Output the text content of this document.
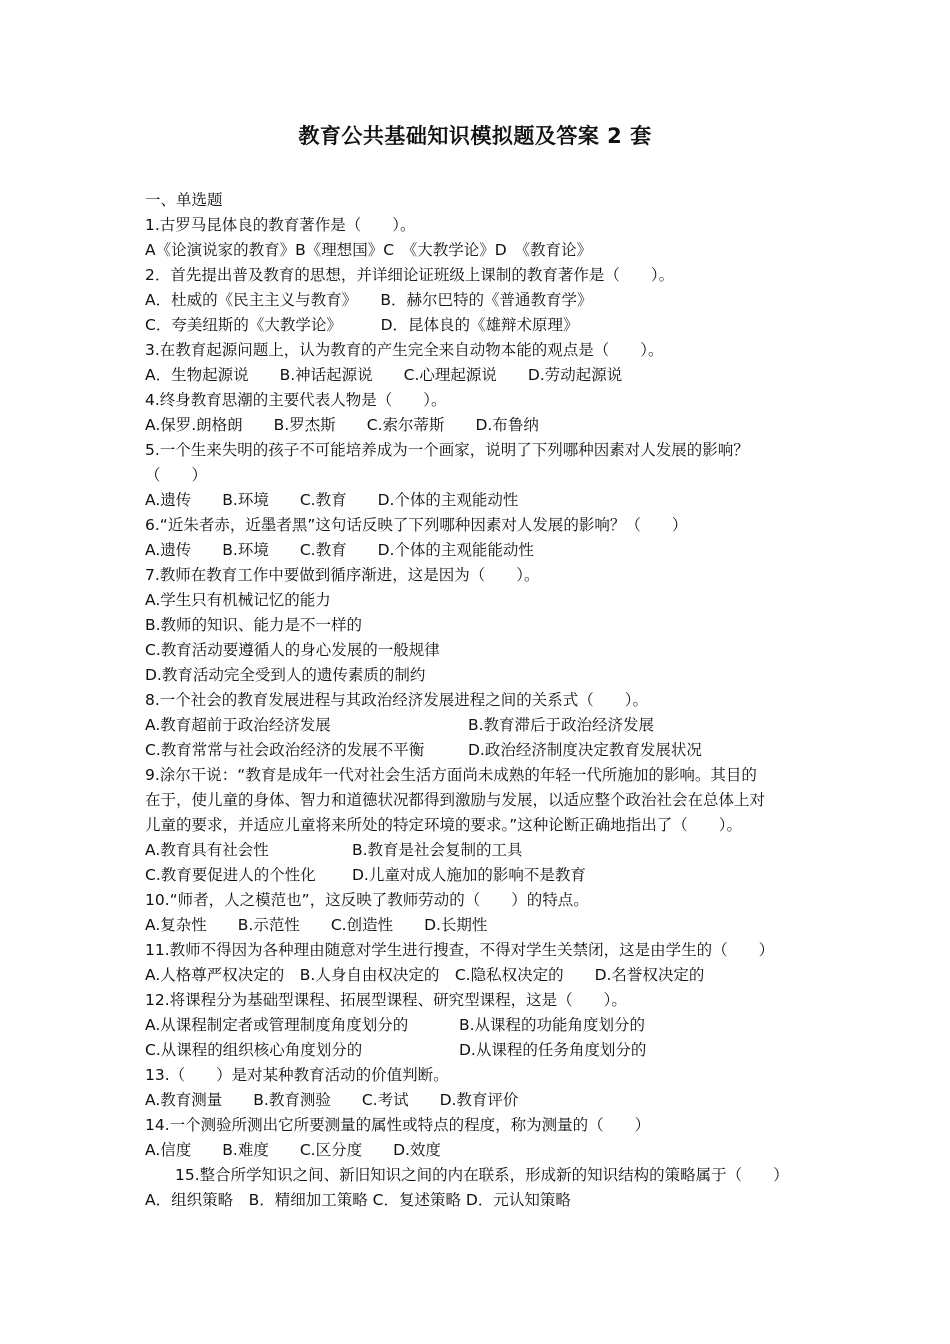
教育公共基础知识模拟题及答案 2 套
一、单选题
1.古罗马昆体良的教育著作是（　　）。
A《论演说家的教育》B《理想国》C　《大教学论》D　《教育论》
2．首先提出普及教育的思想，并详细论证班级上课制的教育著作是（　　）。
A．杜威的《民主主义与教育》　　B．赫尔巴特的《普通教育学》
C．夸美纽斯的《大教学论》　　　D．昆体良的《雄辩术原理》
3.在教育起源问题上，认为教育的产生完全来自动物本能的观点是（　　）。
A．生物起源说　　B.神话起源说　　C.心理起源说　　D.劳动起源说
4.终身教育思潮的主要代表人物是（　　）。
A.保罗.朗格朗　　B.罗杰斯　　C.索尔蒂斯　　D.布鲁纳
5.一个生来失明的孩子不可能培养成为一个画家，说明了下列哪种因素对人发展的影响？
（　　）
A.遗传　　B.环境　　C.教育　　D.个体的主观能动性
6.“近朱者赤，近墨者黑”这句话反映了下列哪种因素对人发展的影响？（　　）
A.遗传　　B.环境　　C.教育　　D.个体的主观能能动性
7.教师在教育工作中要做到循序渐进，这是因为（　　）。
A.学生只有机械记忆的能力
B.教师的知识、能力是不一样的
C.教育活动要遵循人的身心发展的一般规律
D.教育活动完全受到人的遗传素质的制约
8.一个社会的教育发展进程与其政治经济发展进程之间的关系式（　　）。
A.教育超前于政治经济发展	B.教育滞后于政治经济发展
C.教育常常与社会政治经济的发展不平衡	D.政治经济制度决定教育发展状况
9.涂尔干说：“教育是成年一代对社会生活方面尚未成熟的年轻一代所施加的影响。其目的
在于，使儿童的身体、智力和道德状况都得到激励与发展，以适应整个政治社会在总体上对
儿童的要求，并适应儿童将来所处的特定环境的要求。”这种论断正确地指出了（　　）。
A.教育具有社会性	B.教育是社会复制的工具
C.教育要促进人的个性化 D.儿童对成人施加的影响不是教育
10.“师者，人之模范也”，这反映了教师劳动的（　　）的特点。
A.复杂性　　B.示范性　　C.创造性　　D.长期性
11.教师不得因为各种理由随意对学生进行搜查，不得对学生关禁闭，这是由学生的（　　）
A.人格尊严权决定的　B.人身自由权决定的　C.隐私权决定的　　D.名誉权决定的
12.将课程分为基础型课程、拓展型课程、研究型课程，这是（　　）。
A.从课程制定者或管理制度角度划分的	B.从课程的功能角度划分的
C.从课程的组织核心角度划分的	D.从课程的任务角度划分的
13.（　　）是对某种教育活动的价值判断。
A.教育测量　　B.教育测验　　C.考试　　D.教育评价
14.一个测验所测出它所要测量的属性或特点的程度，称为测量的（　　）
A.信度　　B.难度　　C.区分度　　D.效度
15.整合所学知识之间、新旧知识之间的内在联系，形成新的知识结构的策略属于（　　）
A．组织策略　B．精细加工策略 C．复述策略 D．元认知策略
